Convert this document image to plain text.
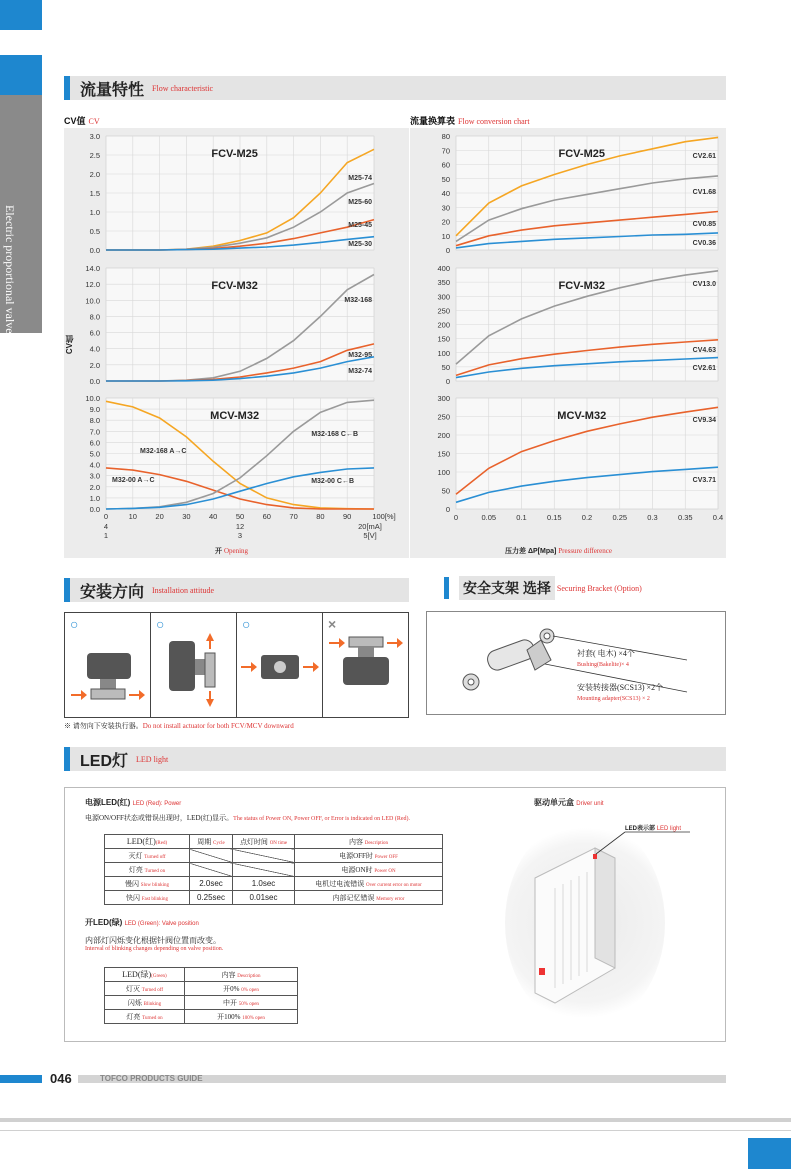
Electric proportional valve
流量特性 Flow characteristic
CV值 CV	流量换算表 Flow conversion chart
CV值
3.0
2.5
2.0
1.5
1.0
0.5
0.0
FCV-M25
M25-74
M25-60
M25-45
M25-30
14.0
12.0
10.0
8.0
6.0
4.0
2.0
0.0
FCV-M32
M32-168
M32-95
M32-74
10.0
9.0
8.0
7.0
6.0
5.0
4.0
3.0
2.0
1.0
0.0
MCV-M32
M32-168 A→C
M32-00 A→C
M32-168 C←B
M32-00 C←B
80
70
60
50
40
30
20
10
0
FCV-M25	CV2.61
CV1.68
CV0.85
CV0.36
400
350
300
250
200
150
100
50
0
FCV-M32	CV13.0
CV4.63
CV2.61
300
250
200
150
100
50
0
MCV-M32	CV9.34
CV3.71
0	10 20 30 40 50 60 70 80 90	100[%]
4	12	20[mA]
1	3	5[V]
0	0.05	0.1	0.15	0.2	0.25	0.3	0.35	0.4
开 Opening	压力差 ΔP[Mpa] Pressure difference
安装方向 Installation attitude
○	○	○	×
※ 请勿向下安装执行器。Do not install actuator for both FCV/MCV downward
安全支架 选择 Securing Bracket (Option)
衬套( 电木) ×4个
Bushing(Bakelite)× 4
安装转接器(SCS13) ×2个
Mounting adapter(SCS13) × 2
LED灯 LED light
电源LED(红) LED (Red): Power
电源ON/OFF状态或错误出现时，LED(红)显示。The status of Power ON, Power OFF, or Error is indicated on LED (Red).
LED(红)(Red)	周期 Cycle	点灯时间 ON time	内容 Description
灭灯 Turned off			电源OFF时 Power OFF
灯亮 Turned on			电源ON时 Power ON
慢闪 Slow blinking	2.0sec	1.0sec	电机过电流错误 Over current error on motor
快闪 Fast blinking	0.25sec	0.01sec	内部记忆错误 Memory error
开LED(绿) LED (Green): Valve position
内部灯闪烁变化根据针阀位置而改变。
Interval of blinking changes depending on valve position.
LED(绿)(Green)	内容 Description
灯灭 Turned off	开0% 0% open
闪烁 Blinking	中开 50% open
灯亮 Turned on	开100% 100% open
驱动单元盒 Driver unit
LED表示部 LED light
046	TOFCO PRODUCTS GUIDE
